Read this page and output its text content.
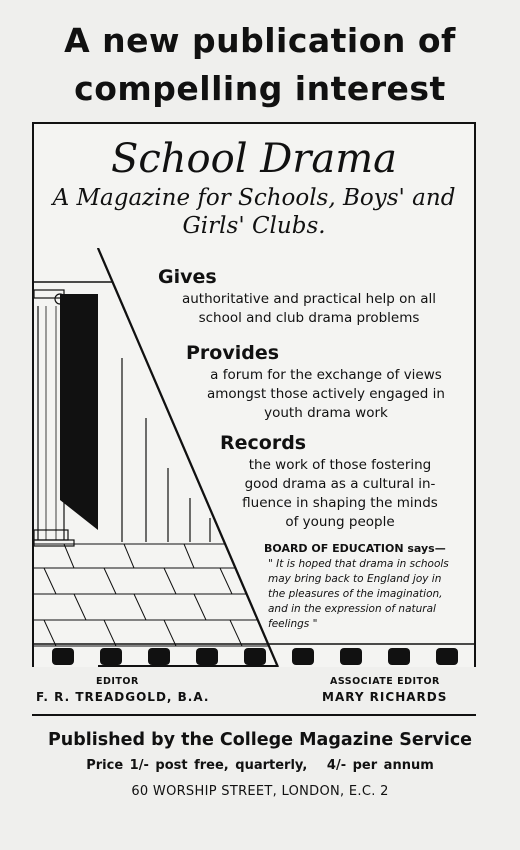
A new publication of
compelling interest
School Drama
A Magazine for Schools, Boys' and Girls' Clubs.
Gives
authoritative and practical help on all
school and club drama problems
Provides
a forum for the exchange of views
amongst those actively engaged in
youth drama work
Records
the work of those fostering
good drama as a cultural in-
fluence in shaping the minds
of young people
BOARD OF EDUCATION says—
" It is hoped that drama in schools
may bring back to England joy in
the pleasures of the imagination,
and in the expression of natural
feelings "
EDITOR
F. R. TREADGOLD, B.A.
ASSOCIATE EDITOR
MARY RICHARDS
Published by the College Magazine Service
Price 1/- post free, quarterly,   4/- per annum
60 WORSHIP STREET, LONDON, E.C. 2
